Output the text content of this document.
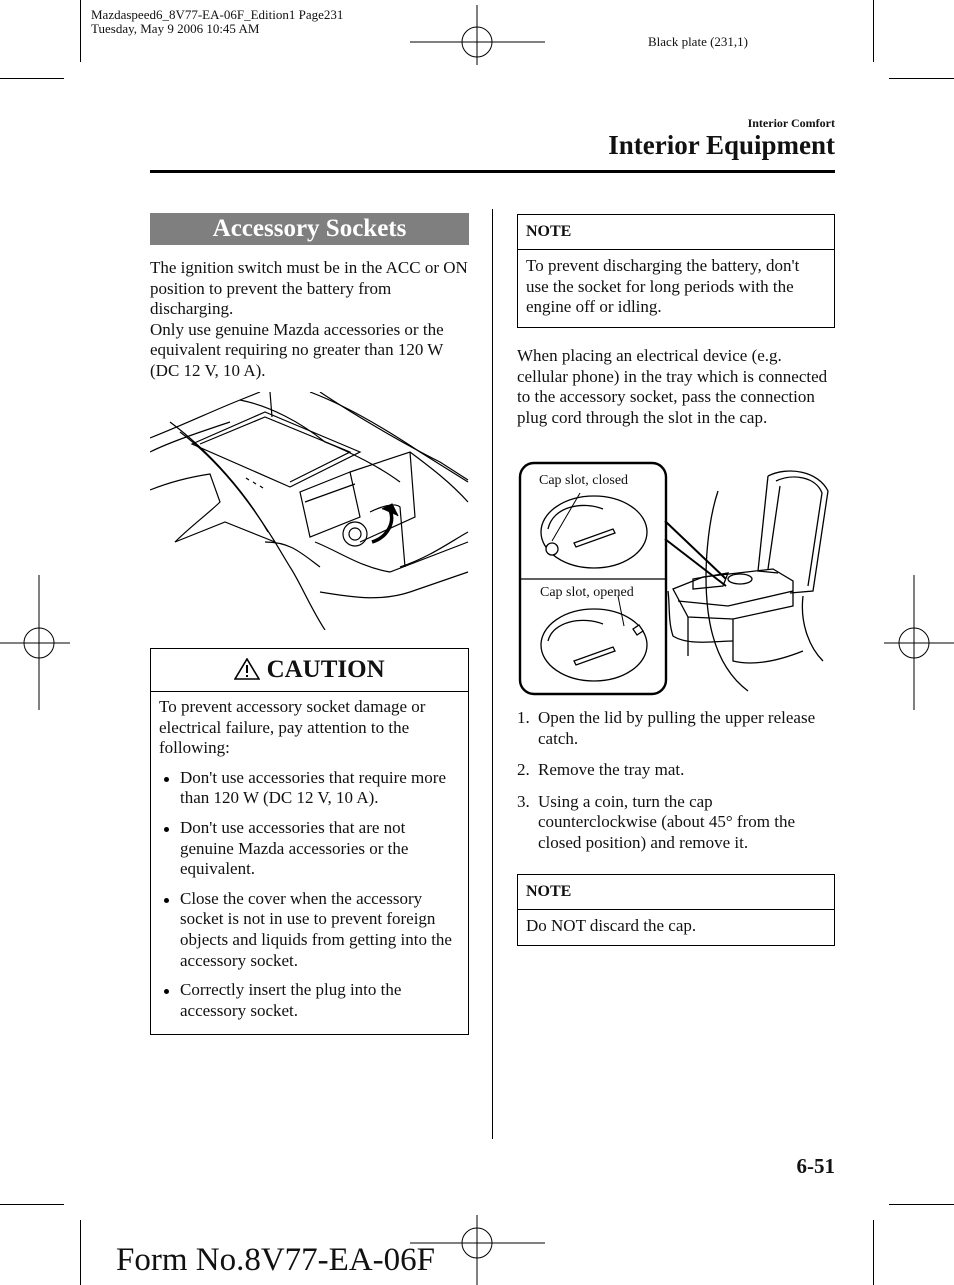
Mazdaspeed6_8V77-EA-06F_Edition1 Page231
Tuesday, May 9 2006 10:45 AM
Black plate (231,1)
Interior Comfort
Interior Equipment
Accessory Sockets
The ignition switch must be in the ACC or ON position to prevent the battery from discharging.
Only use genuine Mazda accessories or the equivalent requiring no greater than 120 W (DC 12 V, 10 A).
CAUTION
To prevent accessory socket damage or electrical failure, pay attention to the following:
Don't use accessories that require more than 120 W (DC 12 V, 10 A).
Don't use accessories that are not genuine Mazda accessories or the equivalent.
Close the cover when the accessory socket is not in use to prevent foreign objects and liquids from getting into the accessory socket.
Correctly insert the plug into the accessory socket.
NOTE
To prevent discharging the battery, don't use the socket for long periods with the engine off or idling.
When placing an electrical device (e.g. cellular phone) in the tray which is connected to the accessory socket, pass the connection plug cord through the slot in the cap.
Cap slot, closed
Cap slot, opened
1. Open the lid by pulling the upper release catch.
2. Remove the tray mat.
3. Using a coin, turn the cap counterclockwise (about 45° from the closed position) and remove it.
NOTE
Do NOT discard the cap.
6-51
Form No.8V77-EA-06F
